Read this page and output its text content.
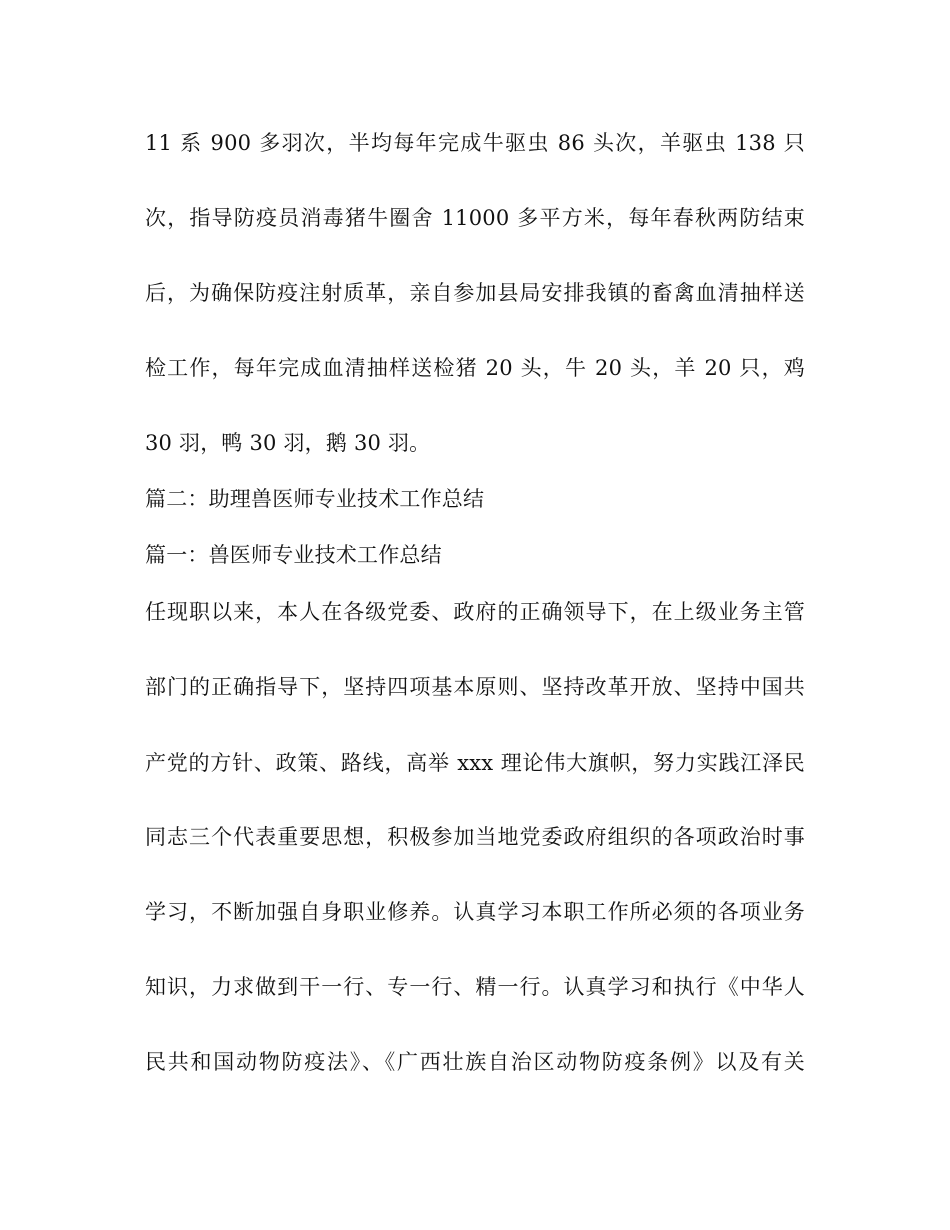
11 系 900 多羽次，半均每年完成牛驱虫 86 头次，羊驱虫 138 只
次，指导防疫员消毒猪牛圈舍 11000 多平方米，每年春秋两防结束
后，为确保防疫注射质革，亲自参加县局安排我镇的畜禽血清抽样送
检工作，每年完成血清抽样送检猪 20 头，牛 20 头，羊 20 只，鸡
30 羽，鸭 30 羽，鹅 30 羽。
篇二：助理兽医师专业技术工作总结
篇一：兽医师专业技术工作总结
任现职以来，本人在各级党委、政府的正确领导下，在上级业务主管
部门的正确指导下，坚持四项基本原则、坚持改革开放、坚持中国共
产党的方针、政策、路线，高举 xxx 理论伟大旗帜，努力实践江泽民
同志三个代表重要思想，积极参加当地党委政府组织的各项政治时事
学习，不断加强自身职业修养。认真学习本职工作所必须的各项业务
知识，力求做到干一行、专一行、精一行。认真学习和执行《中华人
民共和国动物防疫法》、《广西壮族自治区动物防疫条例》以及有关
